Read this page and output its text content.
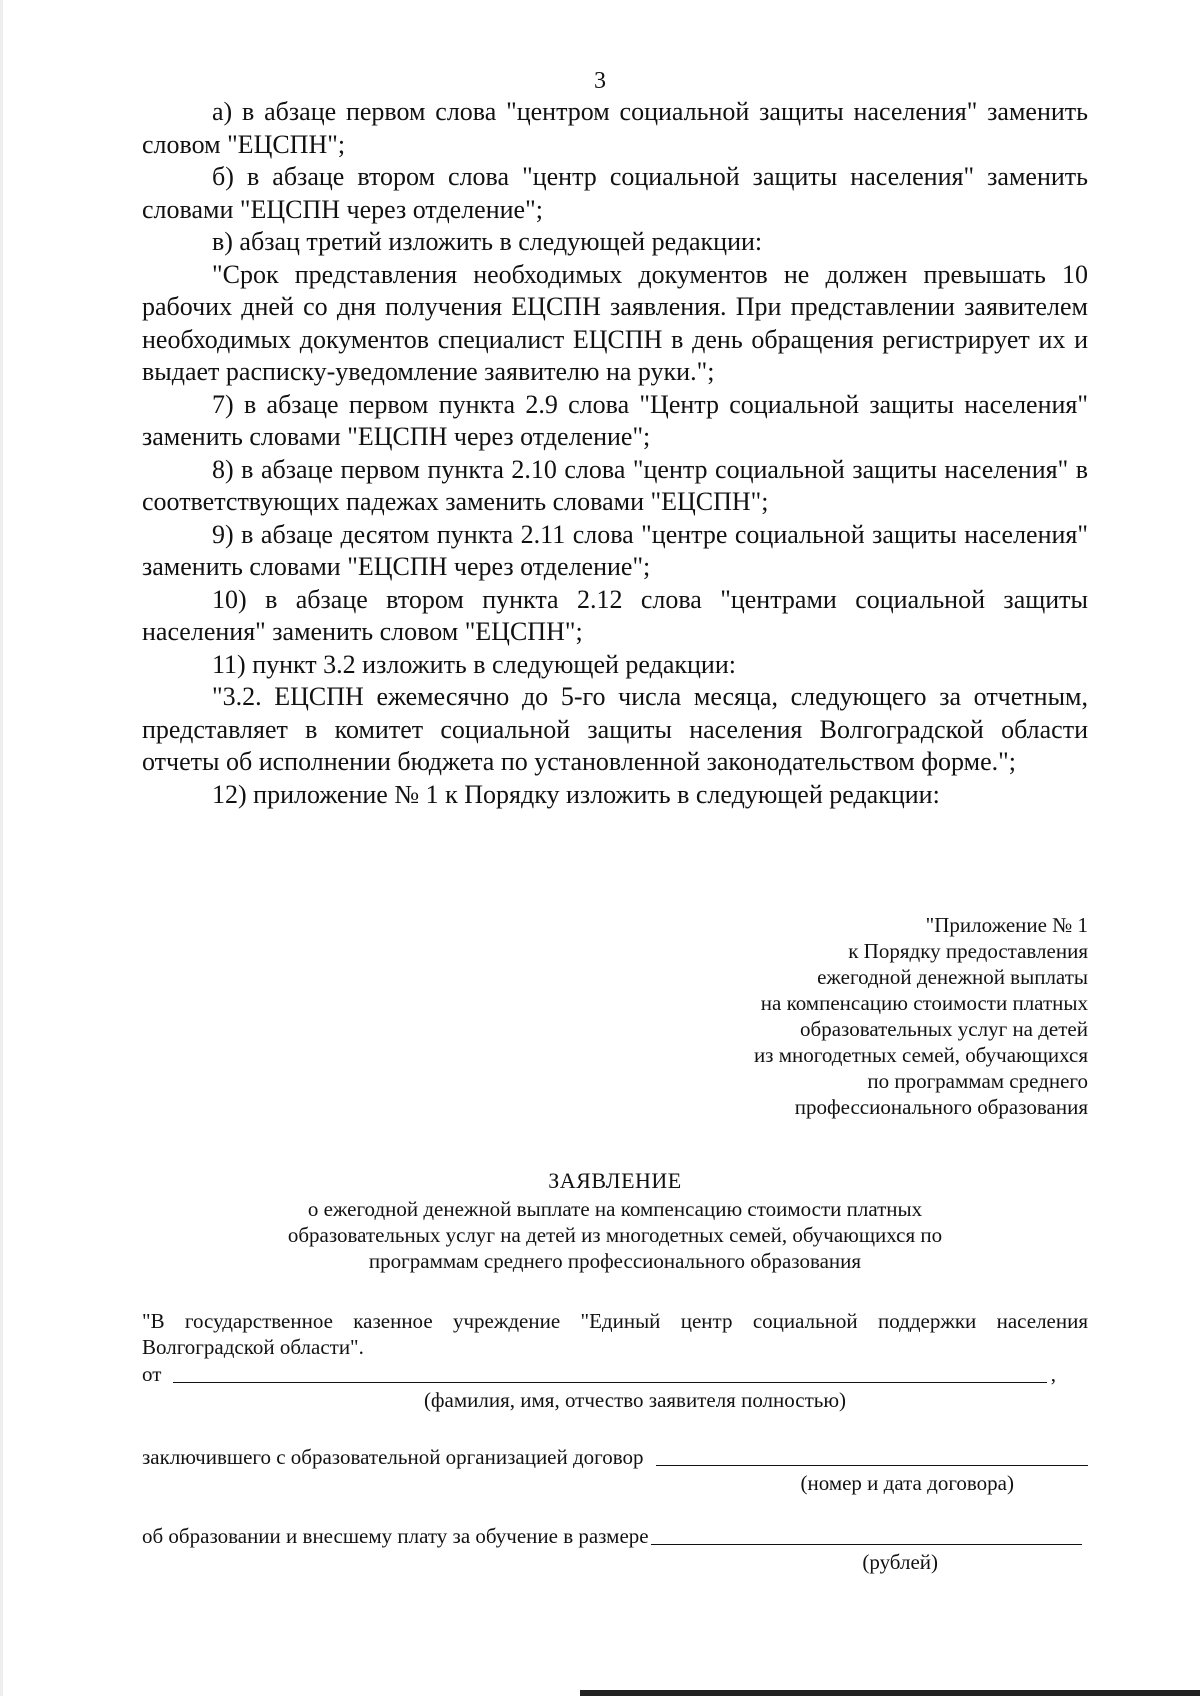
3

а) в абзаце первом слова "центром социальной защиты населения" заменить словом "ЕЦСПН";

б) в абзаце втором слова "центр социальной защиты населения" заменить словами "ЕЦСПН через отделение";

в) абзац третий изложить в следующей редакции:

"Срок представления необходимых документов не должен превышать 10 рабочих дней со дня получения ЕЦСПН заявления. При представлении заявителем необходимых документов специалист ЕЦСПН в день обращения регистрирует их и выдает расписку-уведомление заявителю на руки.";

7) в абзаце первом пункта 2.9 слова "Центр социальной защиты населения" заменить словами "ЕЦСПН через отделение";

8) в абзаце первом пункта 2.10 слова "центр социальной защиты населения" в соответствующих падежах заменить словами "ЕЦСПН";

9) в абзаце десятом пункта 2.11 слова "центре социальной защиты населения" заменить словами "ЕЦСПН через отделение";

10) в абзаце втором пункта 2.12 слова "центрами социальной защиты населения" заменить словом "ЕЦСПН";

11) пункт 3.2 изложить в следующей редакции:

"3.2. ЕЦСПН ежемесячно до 5-го числа месяца, следующего за отчетным, представляет в комитет социальной защиты населения Волгоградской области отчеты об исполнении бюджета по установленной законодательством форме.";

12) приложение № 1 к Порядку изложить в следующей редакции:

"Приложение № 1
к Порядку предоставления
ежегодной денежной выплаты
на компенсацию стоимости платных
образовательных услуг на детей
из многодетных семей, обучающихся
по программам среднего
профессионального образования
ЗАЯВЛЕНИЕ
о ежегодной денежной выплате на компенсацию стоимости платных
образовательных услуг на детей из многодетных семей, обучающихся по
программам среднего профессионального образования
"В государственное казенное учреждение "Единый центр социальной поддержки населения Волгоградской области".
от	,
(фамилия, имя, отчество заявителя полностью)
заключившего с образовательной организацией договор
(номер и дата договора)
об образовании и внесшему плату за обучение в размере
(рублей)
